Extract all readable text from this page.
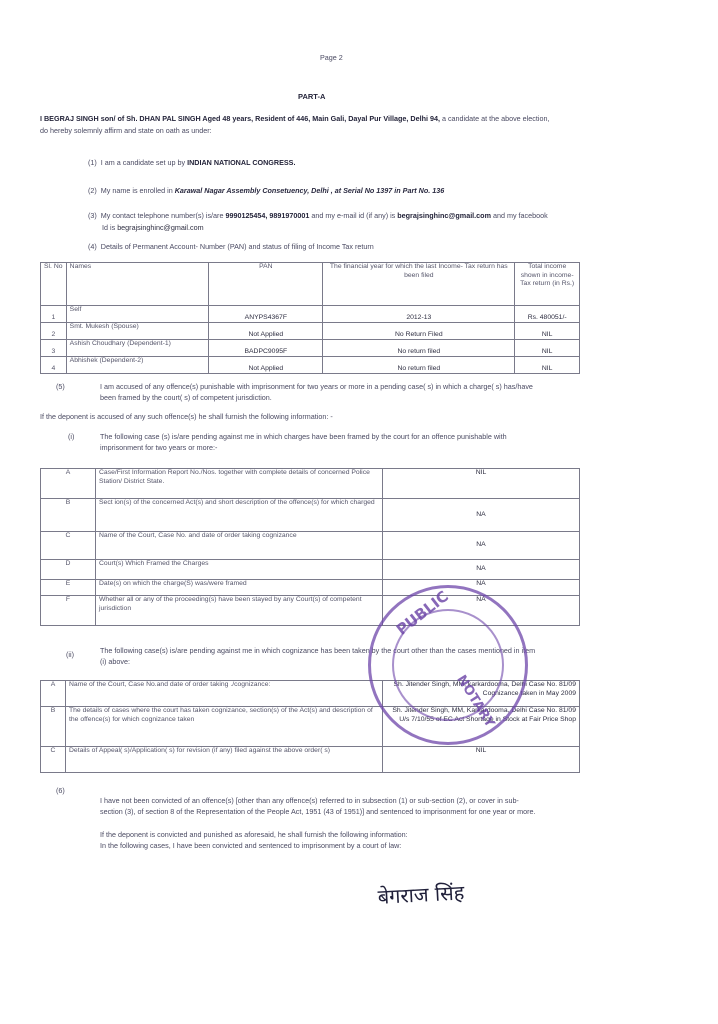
Page 2
PART-A
I BEGRAJ SINGH son/ of Sh. DHAN PAL SINGH Aged 48 years, Resident of 446, Main Gali, Dayal Pur Village, Delhi 94, a candidate at the above election,
do hereby solemnly affirm and state on oath as under:
(1) I am a candidate set up by INDIAN NATIONAL CONGRESS.
(2) My name is enrolled in Karawal Nagar Assembly Consetuency, Delhi , at Serial No 1397 in Part No. 136
(3) My contact telephone number(s) is/are 9990125454, 9891970001 and my e-mail id (if any) is begrajsinghinc@gmail.com and my facebook
Id is begrajsinghinc@gmail.com
(4) Details of Permanent Account- Number (PAN) and status of filing of Income Tax return
Sl. No	Names	PAN	The financial year for which the last Income- Tax return has been filed	Total income shown in income-Tax return (in Rs.)
1	Self	ANYPS4367F	2012-13	Rs. 480051/-
2	Smt. Mukesh (Spouse)	Not Applied	No Return Filed	NIL
3	Ashish Choudhary (Dependent-1)	BADPC9095F	No return filed	NIL
4	Abhishek (Dependent-2)	Not Applied	No return filed	NIL
(5)	I am accused of any offence(s) punishable with imprisonment for two years or more in a pending case( s) in which a charge( s) has/have
been framed by the court( s) of competent jurisdiction.
If the deponent is accused of any such offence(s) he shall furnish the following information: -
(i)	The following case (s) is/are pending against me in which charges have been framed by the court for an offence punishable with
imprisonment for two years or more:-
A	Case/First Information Report No./Nos. together with complete details of concerned Police Station/ District State.	NIL
B	Sect ion(s) of the concerned Act(s) and short description of the offence(s) for which charged	NA
C	Name of the Court, Case No. and date of order taking cognizance	NA
D	Court(s) Which Framed the Charges	NA
E	Date(s) on which the charge(S) was/were framed	NA
F	Whether all or any of the proceeding(s) have been stayed by any Court(s) of competent jurisdiction	NA
(ii)	The following case(s) is/are pending against me in which cognizance has been taken by the court other than the cases mentioned in item
(i) above:
A	Name of the Court, Case No.and date of order taking ./cognizance:	Sh. Jitender Singh, MM, karkardooma, Delhi Case No. 81/09 Cognizance taken in May 2009
B	The details of cases where the court has taken cognizance, section(s) of the Act(s) and description of the offence(s) for which cognizance taken	Sh. Jitender Singh, MM, Karkardooma, Delhi Case No. 81/09 U/s 7/10/55 of EC Act Shortage in Stock at Fair Price Shop
C	Details of Appeal( s)/Application( s) for revision (if any) filed against the above order( s)	NIL
(6)
I have not been convicted of an offence(s) [other than any offence(s) referred to in subsection (1) or sub-section (2), or cover in sub-
section (3), of section 8 of the Representation of the People Act, 1951 (43 of 1951)] and sentenced to imprisonment for one year or more.
If the deponent is convicted and punished as aforesaid, he shall furnish the following information:
In the following cases, I have been convicted and sentenced to imprisonment by a court of law:
PUBLIC
NOTARY
बेगराज सिंह
